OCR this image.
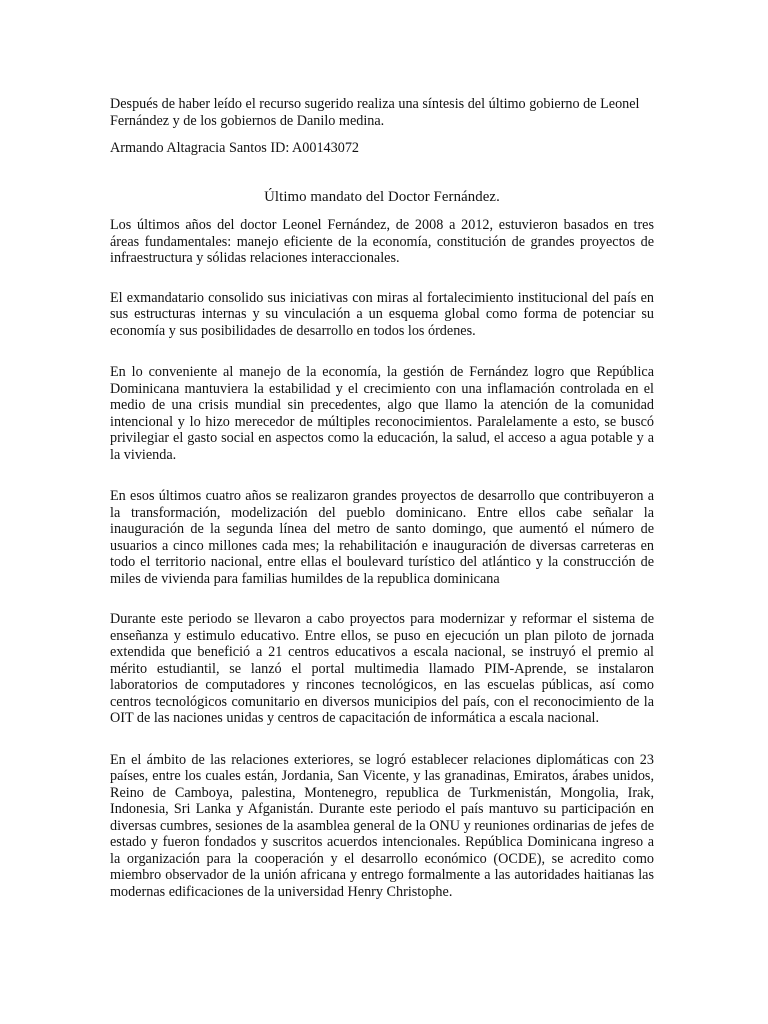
Después de haber leído el recurso sugerido realiza una síntesis del último gobierno de Leonel Fernández y de los gobiernos de Danilo medina.

Armando Altagracia Santos ID: A00143072

Último mandato del Doctor Fernández.

Los últimos años del doctor Leonel Fernández, de 2008 a 2012, estuvieron basados en tres áreas fundamentales: manejo eficiente de la economía, constitución de grandes proyectos de infraestructura y sólidas relaciones interaccionales.

El exmandatario consolido sus iniciativas con miras al fortalecimiento institucional del país en sus estructuras internas y su vinculación a un esquema global como forma de potenciar su economía y sus posibilidades de desarrollo en todos los órdenes.

En lo conveniente al manejo de la economía, la gestión de Fernández logro que República Dominicana mantuviera la estabilidad y el crecimiento con una inflamación controlada en el medio de una crisis mundial sin precedentes, algo que llamo la atención de la comunidad intencional y lo hizo merecedor de múltiples reconocimientos. Paralelamente a esto, se buscó privilegiar el gasto social en aspectos como la educación, la salud, el acceso a agua potable y a la vivienda.

En esos últimos cuatro años se realizaron grandes proyectos de desarrollo que contribuyeron a la transformación, modelización del pueblo dominicano. Entre ellos cabe señalar la inauguración de la segunda línea del metro de santo domingo, que aumentó el número de usuarios a cinco millones cada mes; la rehabilitación e inauguración de diversas carreteras en todo el territorio nacional, entre ellas el boulevard turístico del atlántico y la construcción de miles de vivienda para familias humildes de la republica dominicana

Durante este periodo se llevaron a cabo proyectos para modernizar y reformar el sistema de enseñanza y estimulo educativo. Entre ellos, se puso en ejecución un plan piloto de jornada extendida que benefició a 21 centros educativos a escala nacional, se instruyó el premio al mérito estudiantil, se lanzó el portal multimedia llamado PIM-Aprende, se instalaron laboratorios de computadores y rincones tecnológicos, en las escuelas públicas, así como centros tecnológicos comunitario en diversos municipios del país, con el reconocimiento de la OIT de las naciones unidas y centros de capacitación de informática a escala nacional.

En el ámbito de las relaciones exteriores, se logró establecer relaciones diplomáticas con 23 países, entre los cuales están, Jordania, San Vicente, y las granadinas, Emiratos, árabes unidos, Reino de Camboya, palestina, Montenegro, republica de Turkmenistán, Mongolia, Irak, Indonesia, Sri Lanka y Afganistán. Durante este periodo el país mantuvo su participación en diversas cumbres, sesiones de la asamblea general de la ONU y reuniones ordinarias de jefes de estado y fueron fondados y suscritos acuerdos intencionales. República Dominicana ingreso a la organización para la cooperación y el desarrollo económico (OCDE), se acredito como miembro observador de la unión africana y entrego formalmente a las autoridades haitianas las modernas edificaciones de la universidad Henry Christophe.
